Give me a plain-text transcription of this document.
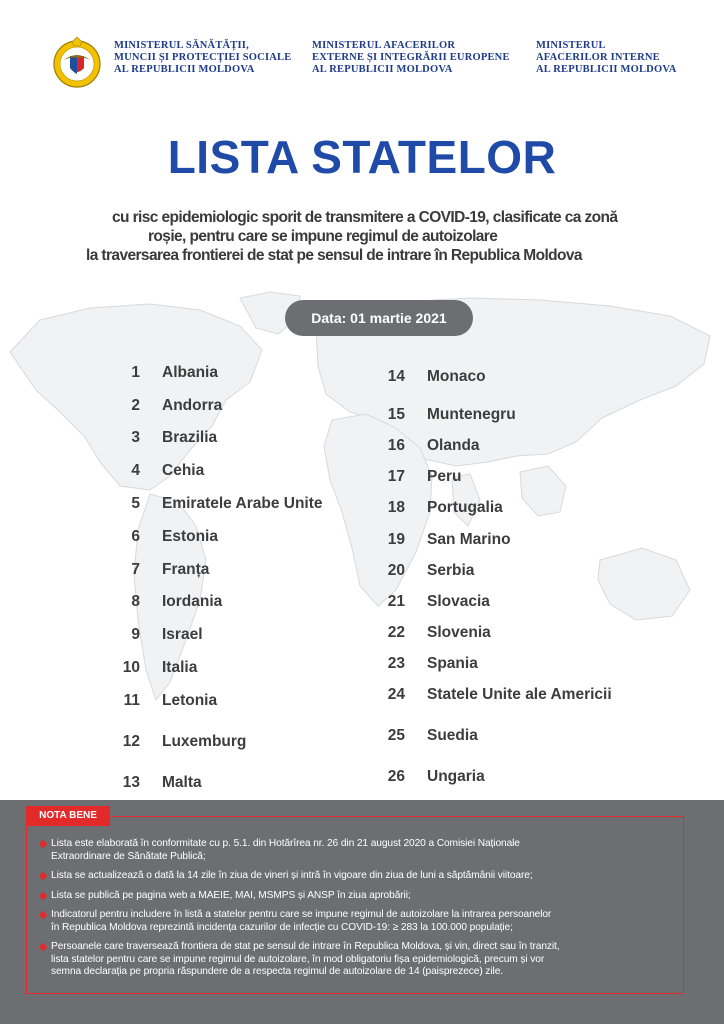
MINISTERUL SĂNĂTĂȚII,
MUNCII ȘI PROTECȚIEI SOCIALE
AL REPUBLICII MOLDOVA
MINISTERUL AFACERILOR
EXTERNE ȘI INTEGRĂRII EUROPENE
AL REPUBLICII MOLDOVA
MINISTERUL
AFACERILOR INTERNE
AL REPUBLICII MOLDOVA
LISTA STATELOR
cu risc epidemiologic sporit de transmitere a COVID-19, clasificate ca zonă
roșie, pentru care se impune regimul de autoizolare
la traversarea frontierei de stat pe sensul de intrare în Republica Moldova
Data: 01 martie 2021
1 Albania
2 Andorra
3 Brazilia
4 Cehia
5 Emiratele Arabe Unite
6 Estonia
7 Franța
8 Iordania
9 Israel
10 Italia
11 Letonia
12 Luxemburg
13 Malta
14 Monaco
15 Muntenegru
16 Olanda
17 Peru
18 Portugalia
19 San Marino
20 Serbia
21 Slovacia
22 Slovenia
23 Spania
24 Statele Unite ale Americii
25 Suedia
26 Ungaria
NOTA BENE
Lista este elaborată în conformitate cu p. 5.1. din Hotărîrea nr. 26 din 21 august 2020 a Comisiei Naționale
Extraordinare de Sănătate Publică;
Lista se actualizează o dată la 14 zile în ziua de vineri și intră în vigoare din ziua de luni a săptămânii viitoare;
Lista se publică pe pagina web a MAEIE, MAI, MSMPS și ANSP în ziua aprobării;
Indicatorul pentru includere în listă a statelor pentru care se impune regimul de autoizolare la intrarea persoanelor
în Republica Moldova reprezintă incidența cazurilor de infecție cu COVID-19: ≥ 283 la 100.000 populație;
Persoanele care traversează frontiera de stat pe sensul de intrare în Republica Moldova, și vin, direct sau în tranzit,
lista statelor pentru care se impune regimul de autoizolare, în mod obligatoriu fișa epidemiologică, precum și vor
semna declarația pe propria răspundere de a respecta regimul de autoizolare de 14 (paisprezece) zile.
